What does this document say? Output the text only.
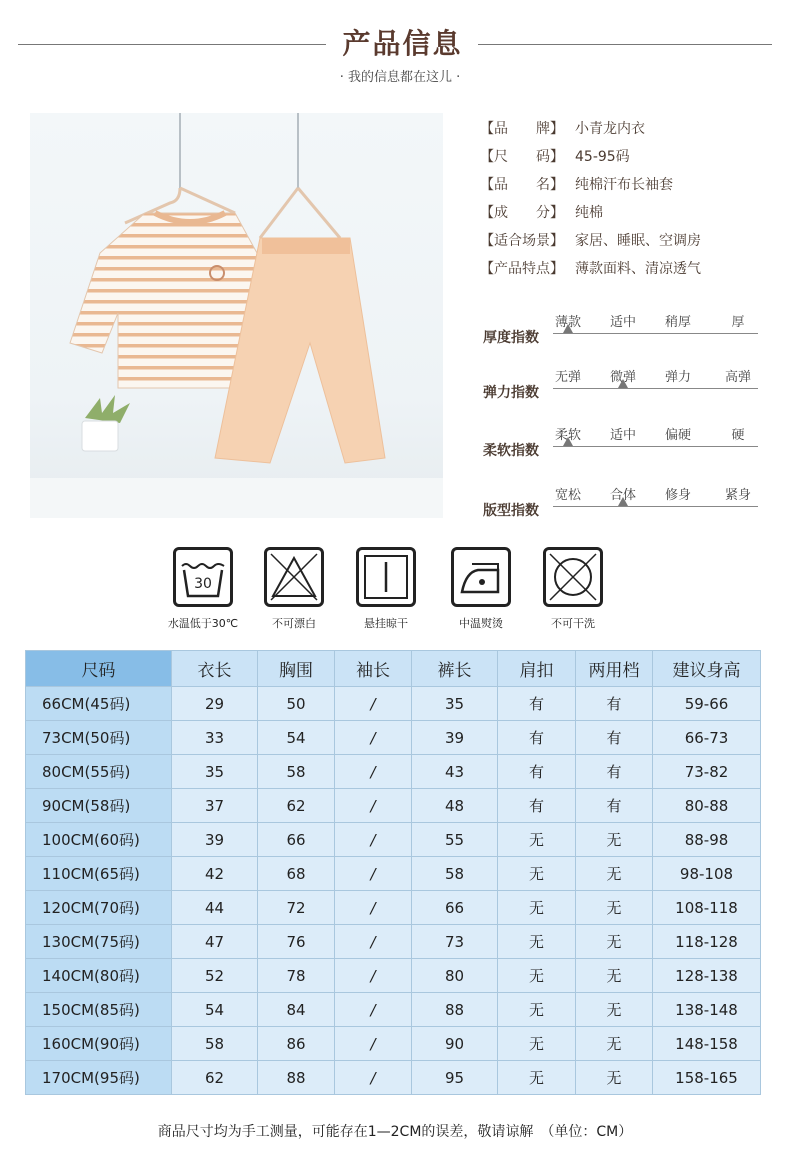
产品信息
· 我的信息都在这儿 ·
【品　　牌】 小青龙内衣
【尺　　码】 45-95码
【品　　名】 纯棉汗布长袖套
【成　　分】 纯棉
【适合场景】 家居、睡眠、空调房
【产品特点】 薄款面料、清凉透气
厚度指数
薄款	适中	稍厚	厚
弹力指数
无弹	微弹	弹力	高弹
柔软指数
柔软	适中	偏硬	硬
版型指数
宽松	合体	修身	紧身
30
水温低于30℃	不可漂白	悬挂晾干	中温熨烫	不可干洗
尺码	衣长	胸围	袖长	裤长	肩扣	两用档	建议身高
66CM(45码)	29	50	/	35	有	有	59-66
73CM(50码)	33	54	/	39	有	有	66-73
80CM(55码)	35	58	/	43	有	有	73-82
90CM(58码)	37	62	/	48	有	有	80-88
100CM(60码)	39	66	/	55	无	无	88-98
110CM(65码)	42	68	/	58	无	无	98-108
120CM(70码)	44	72	/	66	无	无	108-118
130CM(75码)	47	76	/	73	无	无	118-128
140CM(80码)	52	78	/	80	无	无	128-138
150CM(85码)	54	84	/	88	无	无	138-148
160CM(90码)	58	86	/	90	无	无	148-158
170CM(95码)	62	88	/	95	无	无	158-165
商品尺寸均为手工测量，可能存在1—2CM的误差，敬请谅解　（单位：CM）
